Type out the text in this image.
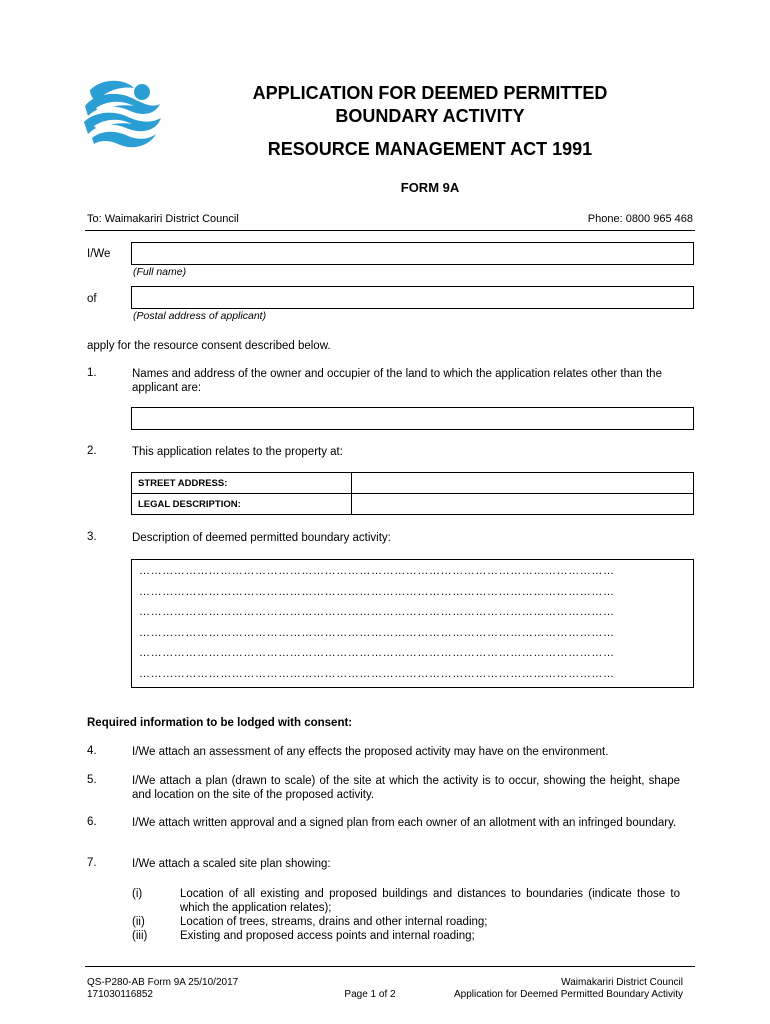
APPLICATION FOR DEEMED PERMITTED
BOUNDARY ACTIVITY
RESOURCE MANAGEMENT ACT 1991
FORM 9A
To: Waimakariri District Council	Phone: 0800 965 468
I/We
(Full name)
of
(Postal address of applicant)
apply for the resource consent described below.
1.	Names and address of the owner and occupier of the land to which the application relates other than the applicant are:
2.	This application relates to the property at:
STREET ADDRESS:	
LEGAL DESCRIPTION:	
3.	Description of deemed permitted boundary activity:
……………………………………………………………………………………………………………
……………………………………………………………………………………………………………
……………………………………………………………………………………………………………
……………………………………………………………………………………………………………
……………………………………………………………………………………………………………
……………………………………………………………………………………………………………
Required information to be lodged with consent:
4.	I/We attach an assessment of any effects the proposed activity may have on the environment.
5.	I/We attach a plan (drawn to scale) of the site at which the activity is to occur, showing the height, shape and location on the site of the proposed activity.
6.	I/We attach written approval and a signed plan from each owner of an allotment with an infringed boundary.
7.	I/We attach a scaled site plan showing:
(i)	Location of all existing and proposed buildings and distances to boundaries (indicate those to which the application relates);
(ii)	Location of trees, streams, drains and other internal roading;
(iii)	Existing and proposed access points and internal roading;
QS-P280-AB Form 9A 25/10/2017
171030116852	Page 1 of 2
Waimakariri District Council
Application for Deemed Permitted Boundary Activity
